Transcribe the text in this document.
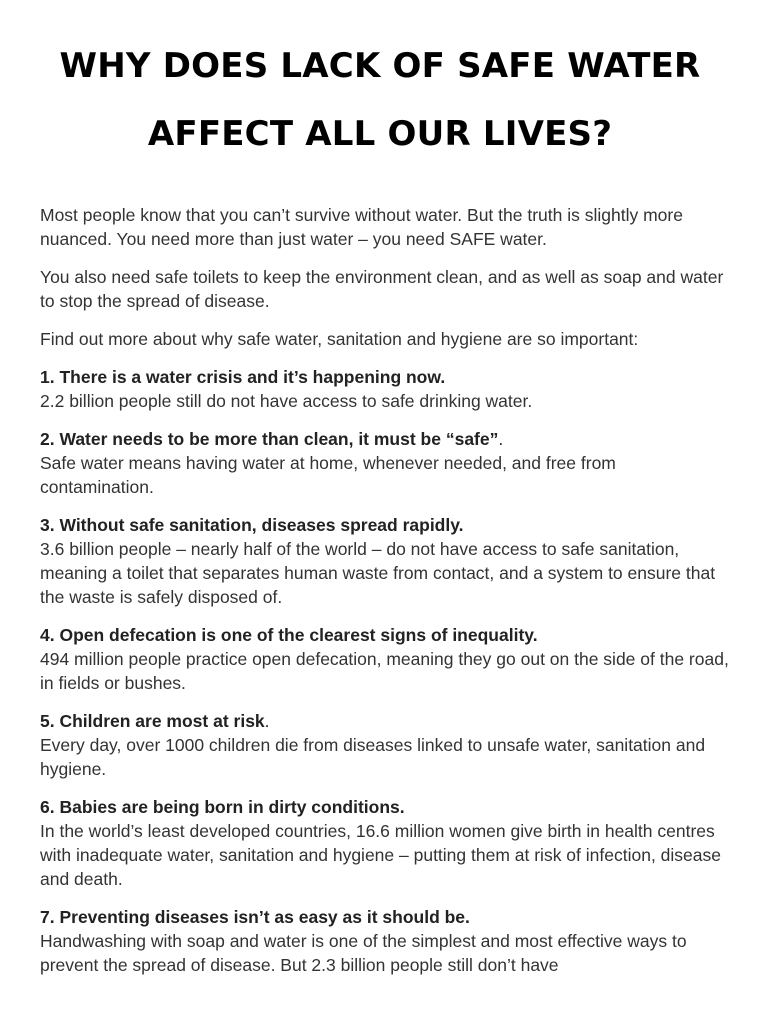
WHY DOES LACK OF SAFE WATER
AFFECT ALL OUR LIVES?

Most people know that you can’t survive without water. But the truth is slightly more nuanced. You need more than just water – you need SAFE water.

You also need safe toilets to keep the environment clean, and as well as soap and water to stop the spread of disease.

Find out more about why safe water, sanitation and hygiene are so important:

1. There is a water crisis and it’s happening now.
2.2 billion people still do not have access to safe drinking water.
2. Water needs to be more than clean, it must be “safe”.
Safe water means having water at home, whenever needed, and free from contamination.
3. Without safe sanitation, diseases spread rapidly.
3.6 billion people – nearly half of the world – do not have access to safe sanitation, meaning a toilet that separates human waste from contact, and a system to ensure that the waste is safely disposed of.
4. Open defecation is one of the clearest signs of inequality.
494 million people practice open defecation, meaning they go out on the side of the road, in fields or bushes.
5. Children are most at risk.
Every day, over 1000 children die from diseases linked to unsafe water, sanitation and hygiene.
6. Babies are being born in dirty conditions.
In the world’s least developed countries, 16.6 million women give birth in health centres with inadequate water, sanitation and hygiene – putting them at risk of infection, disease and death.
7. Preventing diseases isn’t as easy as it should be.
Handwashing with soap and water is one of the simplest and most effective ways to prevent the spread of disease. But 2.3 billion people still don’t have
